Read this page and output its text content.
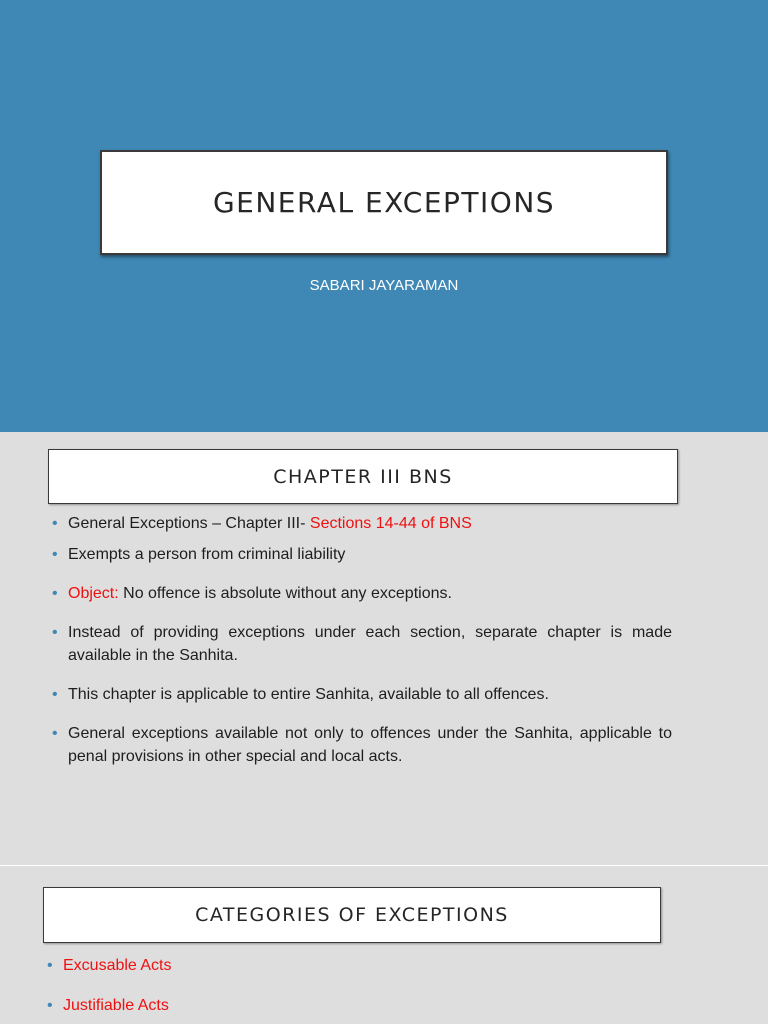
GENERAL EXCEPTIONS
SABARI JAYARAMAN
CHAPTER III BNS
• General Exceptions – Chapter III- Sections 14-44 of BNS
• Exempts a person from criminal liability
• Object: No offence is absolute without any exceptions.
• Instead of providing exceptions under each section, separate chapter is made available in the Sanhita.
• This chapter is applicable to entire Sanhita, available to all offences.
• General exceptions available not only to offences under the Sanhita, applicable to penal provisions in other special and local acts.
CATEGORIES OF EXCEPTIONS
• Excusable Acts
• Justifiable Acts
